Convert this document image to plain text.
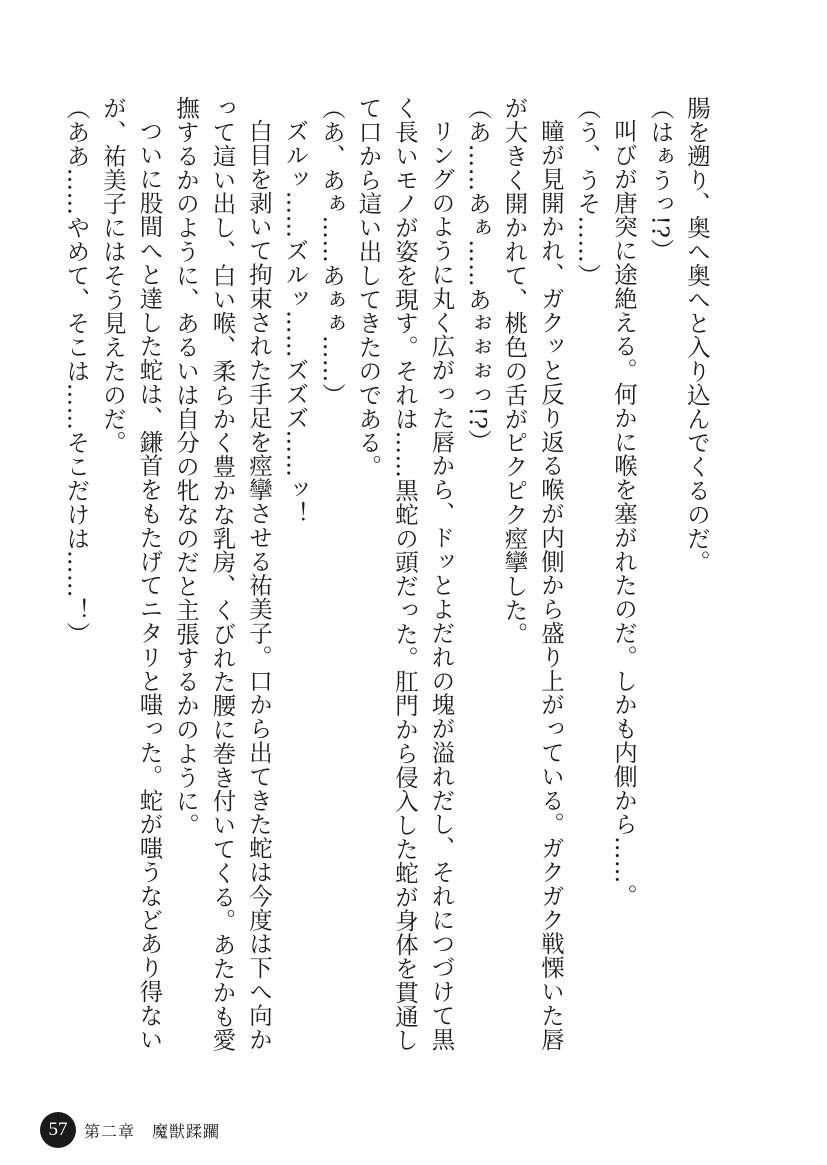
腸を遡り、奥へ奥へと入り込んでくるのだ。

（はぁうっ!?）

叫びが唐突に途絶える。何かに喉を塞がれたのだ。しかも内側から……。

（う、うそ……）

瞳が見開かれ、ガクッと反り返る喉が内側から盛り上がっている。ガクガク戦慄いた唇が大きく開かれて、桃色の舌がピクピク痙攣した。

（あ……あぁ……あぉぉぉっ!?）

リングのように丸く広がった唇から、ドッとよだれの塊が溢れだし、それにつづけて黒く長いモノが姿を現す。それは……黒蛇の頭だった。肛門から侵入した蛇が身体を貫通して口から這い出してきたのである。

（あ、あぁ……あぁぁ……）

ズルッ……ズルッ……ズズズ……ッ！

白目を剥いて拘束された手足を痙攣させる祐美子。口から出てきた蛇は今度は下へ向かって這い出し、白い喉、柔らかく豊かな乳房、くびれた腰に巻き付いてくる。あたかも愛撫するかのように、あるいは自分の牝なのだと主張するかのように。

ついに股間へと達した蛇は、鎌首をもたげてニタリと嗤った。蛇が嗤うなどあり得ないが、祐美子にはそう見えたのだ。

（ああ……やめて、そこは……そこだけは……！）

57	第二章　魔獣蹂躙
